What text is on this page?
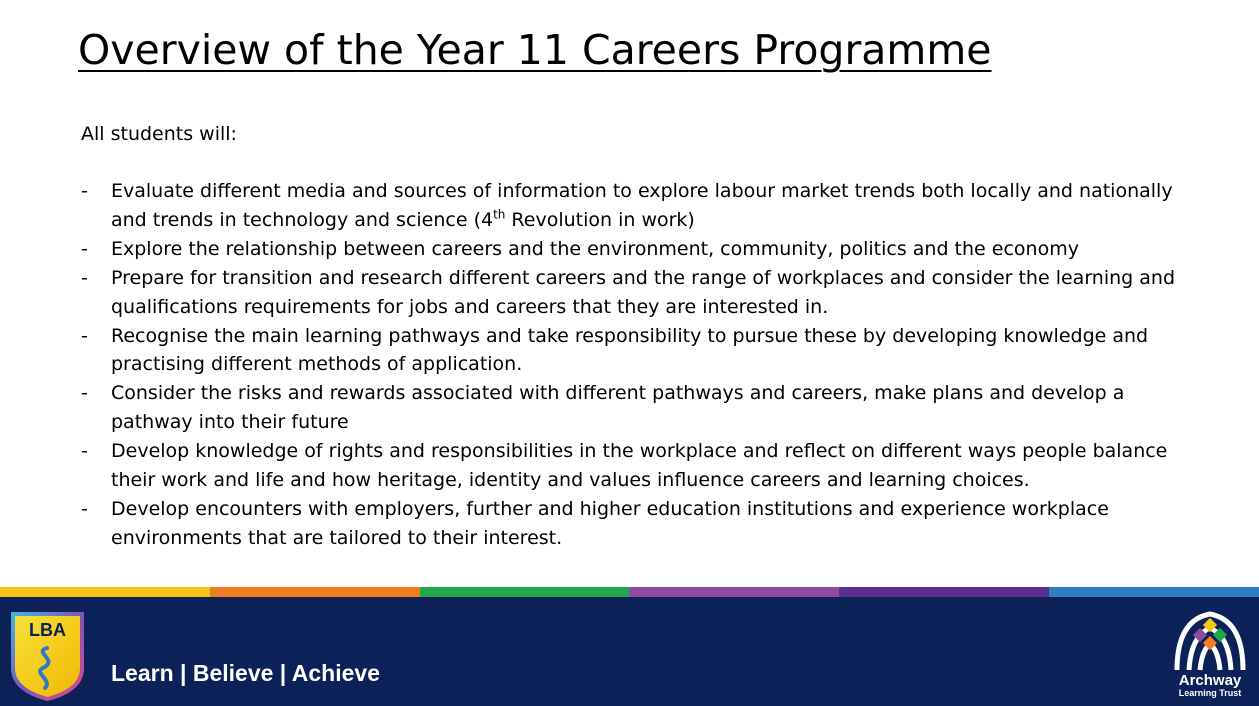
Overview of the Year 11 Careers Programme

All students will:

- Evaluate different media and sources of information to explore labour market trends both locally and nationally and trends in technology and science (4th Revolution in work)
- Explore the relationship between careers and the environment, community, politics and the economy
- Prepare for transition and research different careers and the range of workplaces and consider the learning and qualifications requirements for jobs and careers that they are interested in.
- Recognise the main learning pathways and take responsibility to pursue these by developing knowledge and practising different methods of application.
- Consider the risks and rewards associated with different pathways and careers, make plans and develop a pathway into their future
- Develop knowledge of rights and responsibilities in the workplace and reflect on different ways people balance their work and life and how heritage, identity and values influence careers and learning choices.
- Develop encounters with employers, further and higher education institutions and experience workplace environments that are tailored to their interest.
LBA
Learn | Believe | Achieve	Archway
Learning Trust
